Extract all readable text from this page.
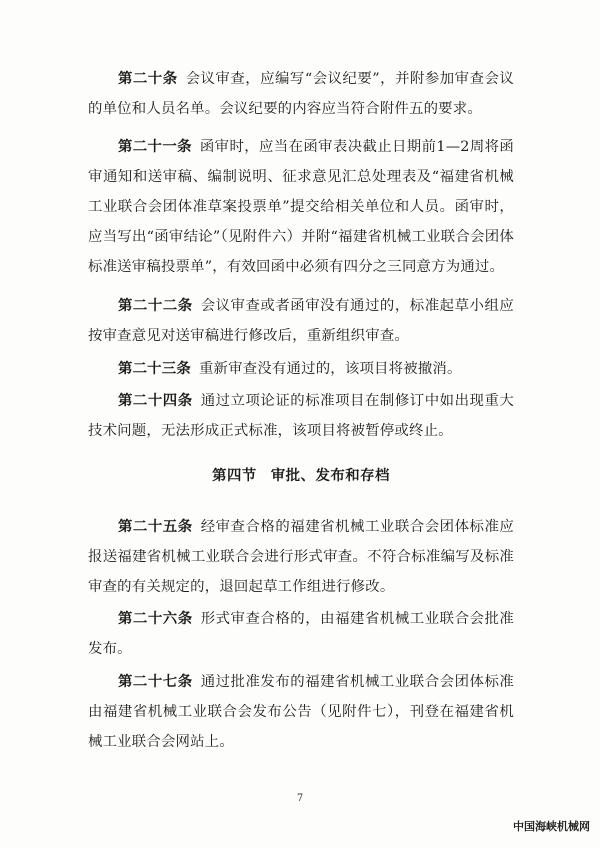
第二十条 会议审查，应编写“会议纪要”，并附参加审查会议的单位和人员名单。会议纪要的内容应当符合附件五的要求。

第二十一条 函审时，应当在函审表决截止日期前1—2周将函审通知和送审稿、编制说明、征求意见汇总处理表及“福建省机械工业联合会团体准草案投票单”提交给相关单位和人员。函审时，应当写出“函审结论”（见附件六）并附“福建省机械工业联合会团体标准送审稿投票单”，有效回函中必须有四分之三同意方为通过。

第二十二条 会议审查或者函审没有通过的，标准起草小组应按审查意见对送审稿进行修改后，重新组织审查。

第二十三条 重新审查没有通过的，该项目将被撤消。

第二十四条 通过立项论证的标准项目在制修订中如出现重大技术问题，无法形成正式标准，该项目将被暂停或终止。

第四节 审批、发布和存档

第二十五条 经审查合格的福建省机械工业联合会团体标准应报送福建省机械工业联合会进行形式审查。不符合标准编写及标准审查的有关规定的，退回起草工作组进行修改。

第二十六条 形式审查合格的，由福建省机械工业联合会批准发布。

第二十七条 通过批准发布的福建省机械工业联合会团体标准由福建省机械工业联合会发布公告（见附件七），刊登在福建省机械工业联合会网站上。

7
中国海峡机械网
